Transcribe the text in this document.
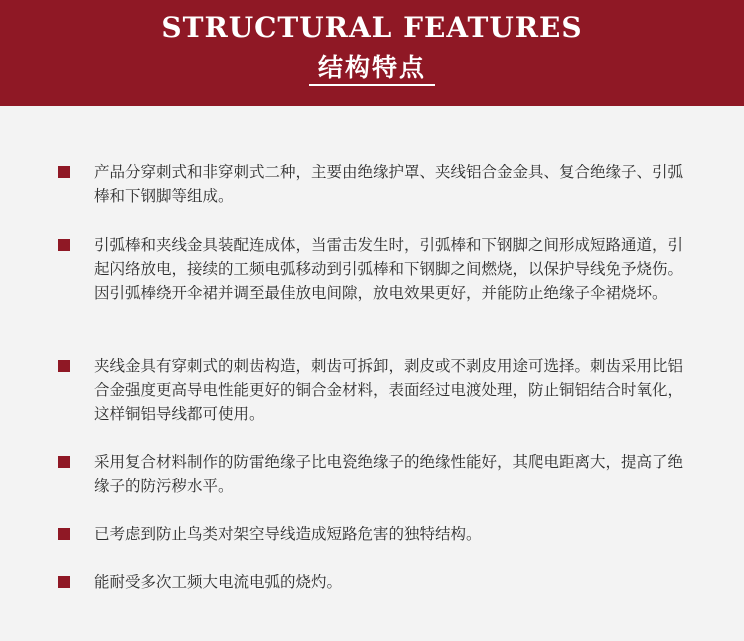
STRUCTURAL FEATURES
结构特点

产品分穿刺式和非穿刺式二种，主要由绝缘护罩、夹线铝合金金具、复合绝缘子、引弧棒和下钢脚等组成。

引弧棒和夹线金具装配连成体，当雷击发生时，引弧棒和下钢脚之间形成短路通道，引起闪络放电，接续的工频电弧移动到引弧棒和下钢脚之间燃烧，以保护导线免予烧伤。因引弧棒绕开伞裙并调至最佳放电间隙，放电效果更好，并能防止绝缘子伞裙烧坏。

夹线金具有穿刺式的刺齿构造，刺齿可拆卸，剥皮或不剥皮用途可选择。刺齿采用比铝合金强度更高导电性能更好的铜合金材料，表面经过电渡处理，防止铜铝结合时氧化，这样铜铝导线都可使用。

采用复合材料制作的防雷绝缘子比电瓷绝缘子的绝缘性能好，其爬电距离大，提高了绝缘子的防污秽水平。

已考虑到防止鸟类对架空导线造成短路危害的独特结构。

能耐受多次工频大电流电弧的烧灼。
